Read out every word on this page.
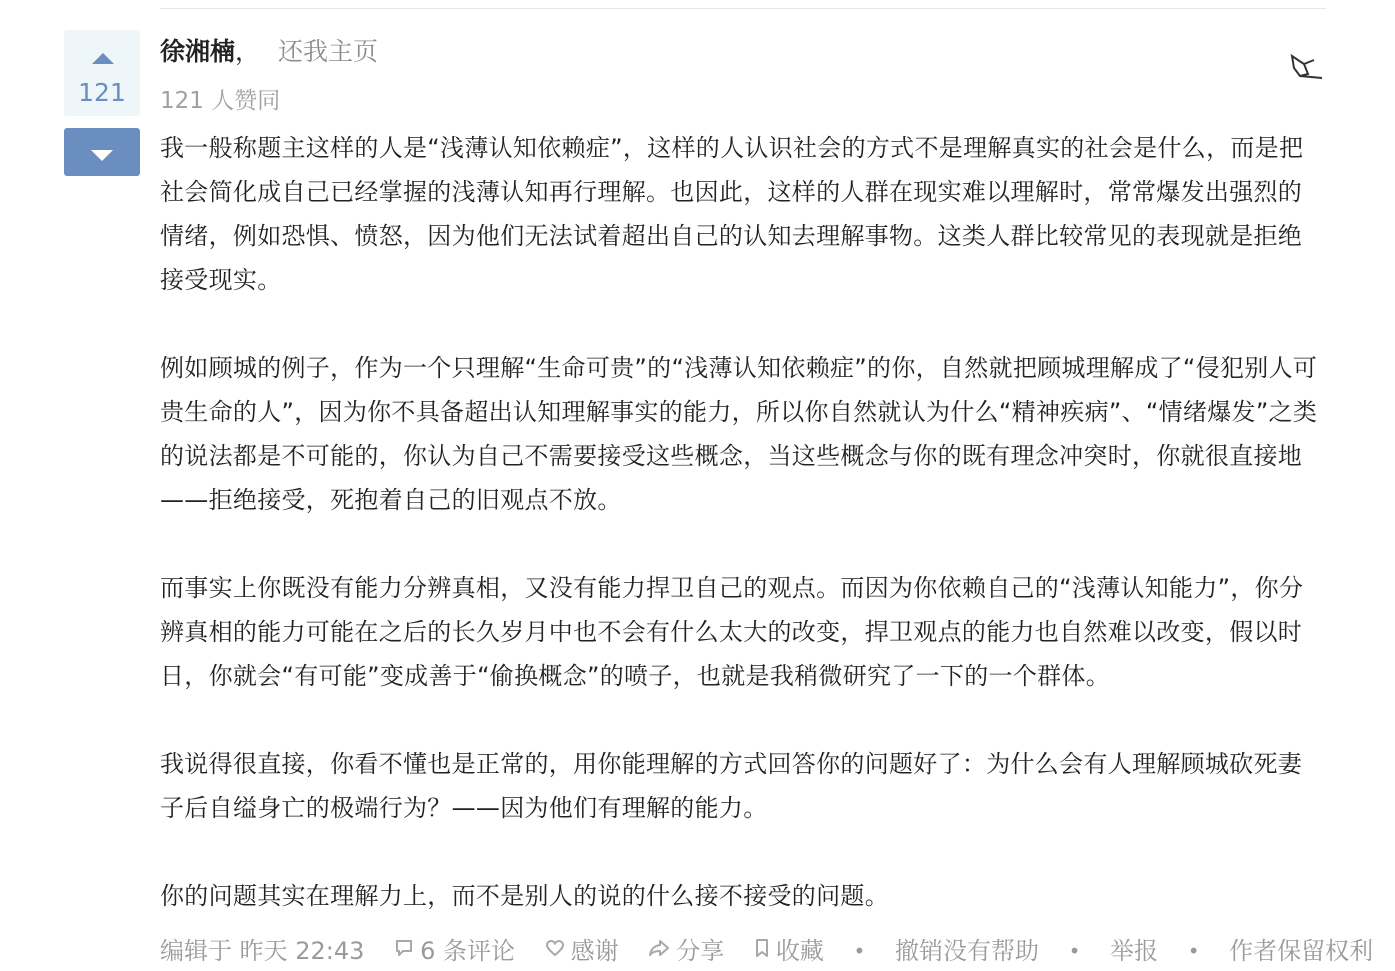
121
徐湘楠， 还我主页
121 人赞同

我一般称题主这样的人是“浅薄认知依赖症”，这样的人认识社会的方式不是理解真实的社会是什么，而是把社会简化成自己已经掌握的浅薄认知再行理解。也因此，这样的人群在现实难以理解时，常常爆发出强烈的情绪，例如恐惧、愤怒，因为他们无法试着超出自己的认知去理解事物。这类人群比较常见的表现就是拒绝接受现实。

例如顾城的例子，作为一个只理解“生命可贵”的“浅薄认知依赖症”的你，自然就把顾城理解成了“侵犯别人可贵生命的人”，因为你不具备超出认知理解事实的能力，所以你自然就认为什么“精神疾病”、“情绪爆发”之类的说法都是不可能的，你认为自己不需要接受这些概念，当这些概念与你的既有理念冲突时，你就很直接地——拒绝接受，死抱着自己的旧观点不放。

而事实上你既没有能力分辨真相，又没有能力捍卫自己的观点。而因为你依赖自己的“浅薄认知能力”，你分辨真相的能力可能在之后的长久岁月中也不会有什么太大的改变，捍卫观点的能力也自然难以改变，假以时日，你就会“有可能”变成善于“偷换概念”的喷子，也就是我稍微研究了一下的一个群体。

我说得很直接，你看不懂也是正常的，用你能理解的方式回答你的问题好了：为什么会有人理解顾城砍死妻子后自缢身亡的极端行为？——因为他们有理解的能力。

你的问题其实在理解力上，而不是别人的说的什么接不接受的问题。

编辑于 昨天 22:43 6 条评论 感谢 分享 收藏 • 撤销没有帮助 • 举报 • 作者保留权利
